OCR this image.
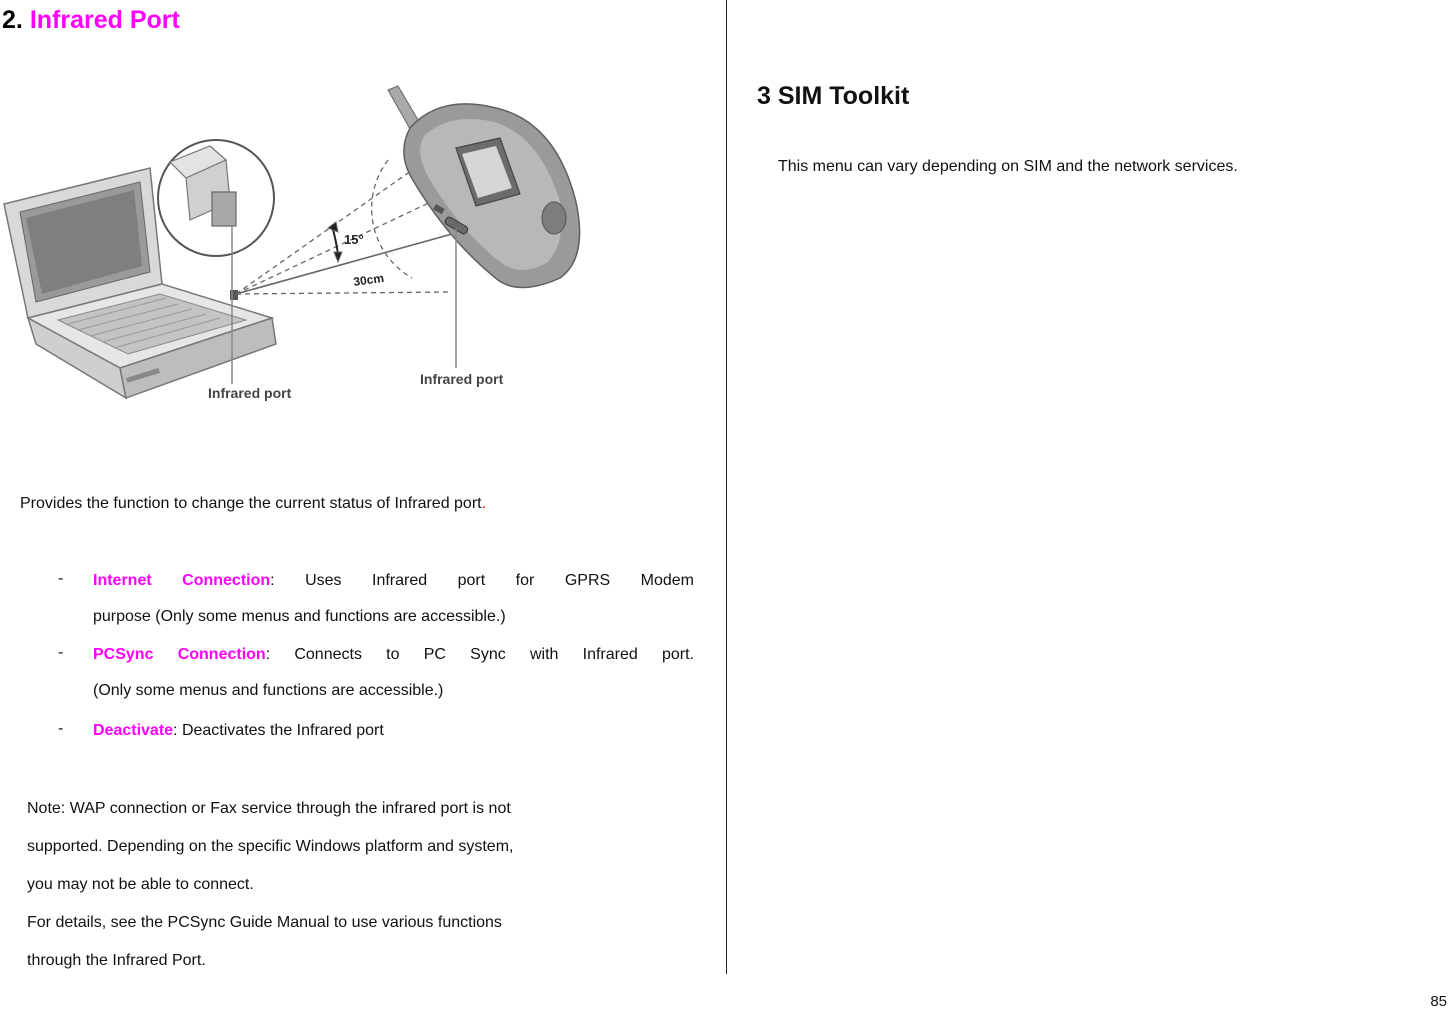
2. Infrared Port
15°
30cm
Infrared port
Infrared port

Provides the function to change the current status of Infrared port.

- Internet Connection: Uses Infrared port for GPRS Modem
purpose (Only some menus and functions are accessible.)
- PCSync Connection: Connects to PC Sync with Infrared port.
(Only some menus and functions are accessible.)
- Deactivate: Deactivates the Infrared port
Note: WAP connection or Fax service through the infrared port is not
supported. Depending on the specific Windows platform and system,
you may not be able to connect.
For details, see the PCSync Guide Manual to use various functions
through the Infrared Port.
3 SIM Toolkit

This menu can vary depending on SIM and the network services.

85
